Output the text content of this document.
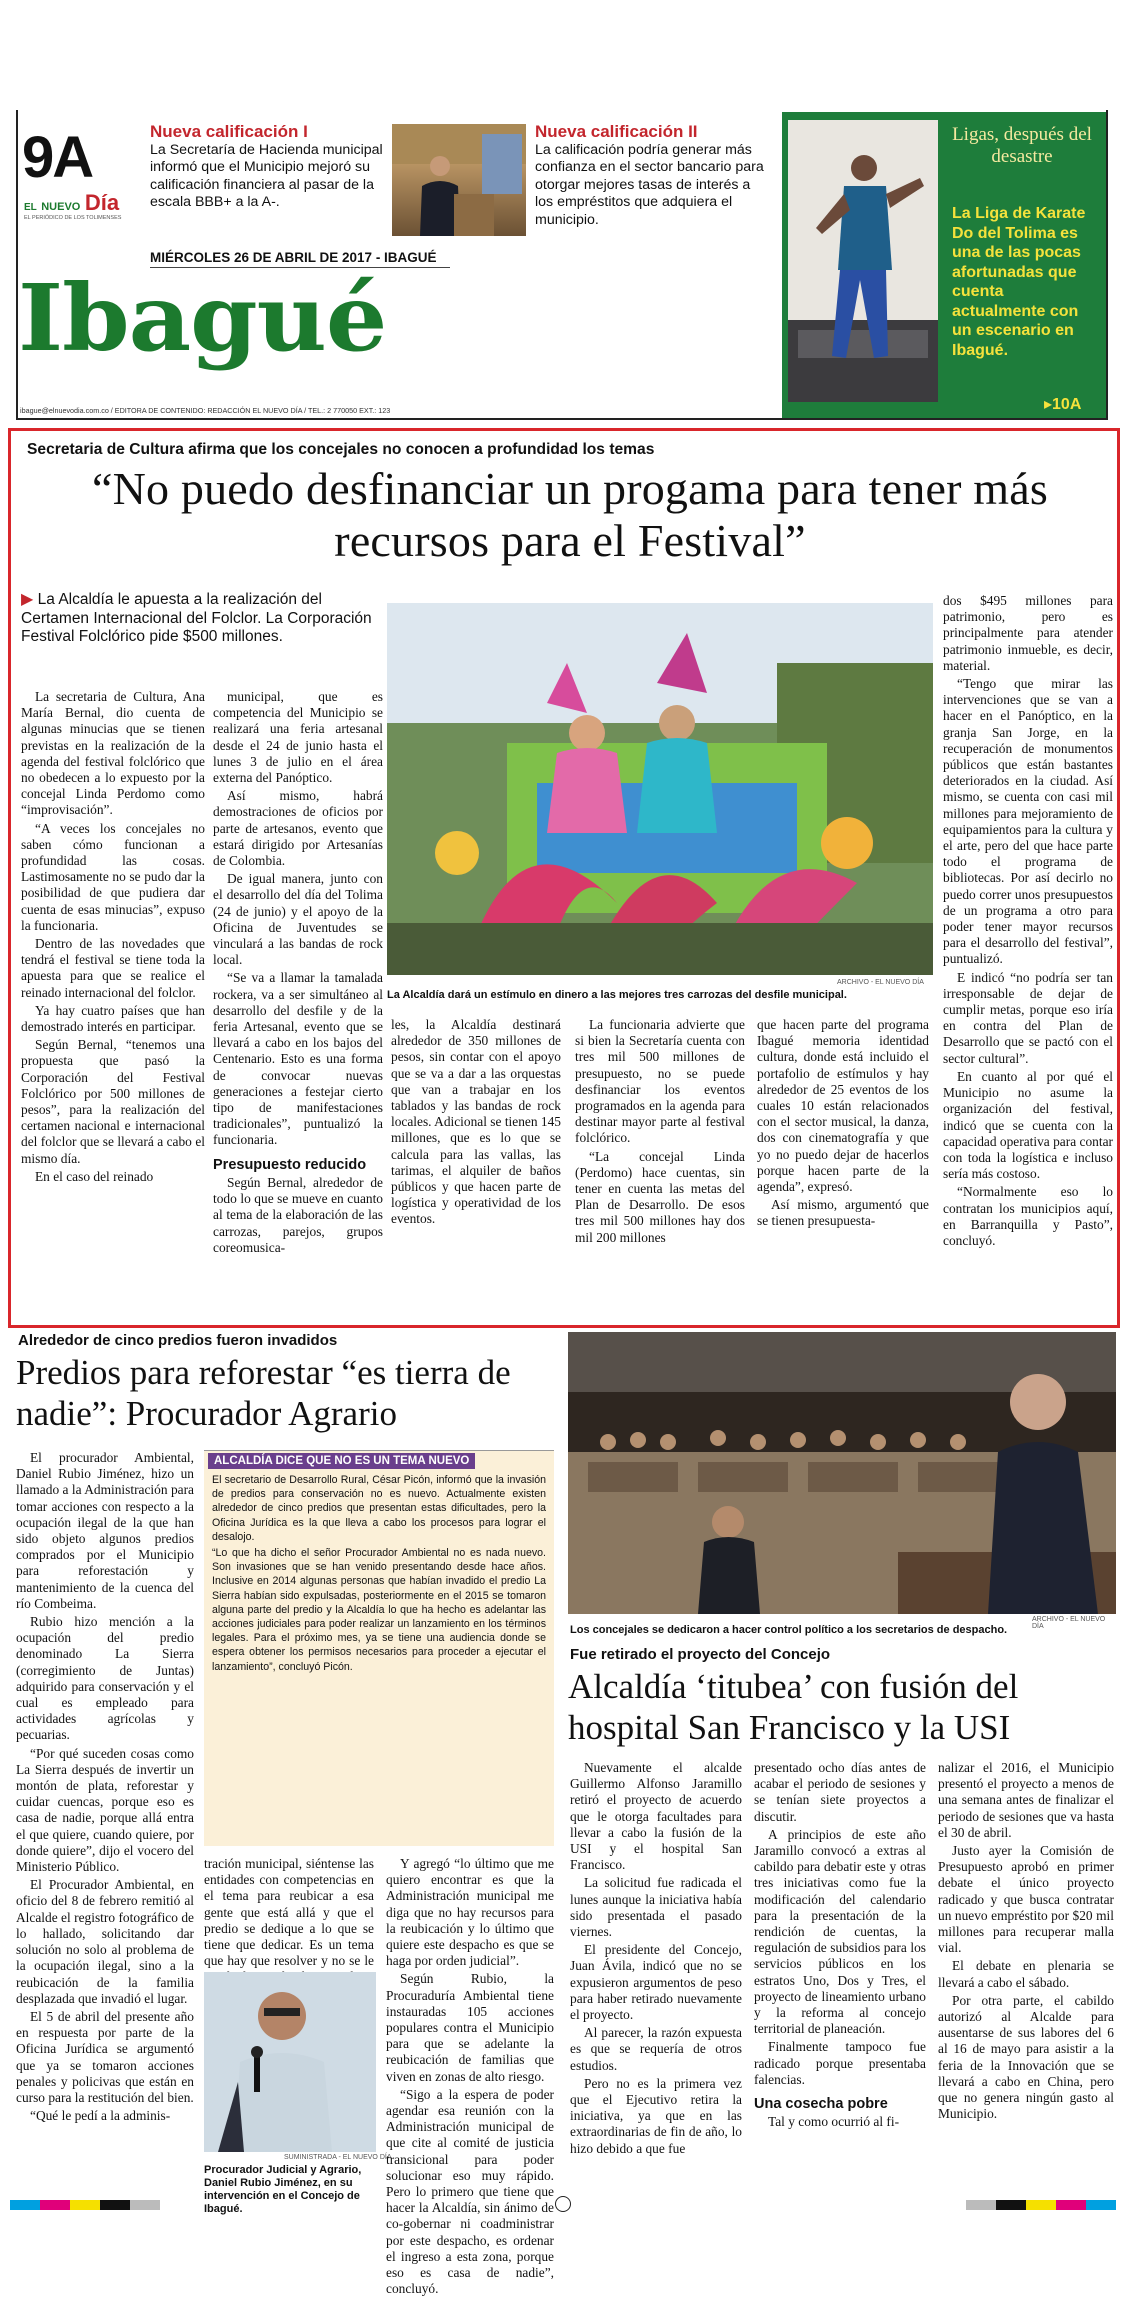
9A
EL NUEVO Día
EL PERIÓDICO DE LOS TOLIMENSES
Nueva calificación I
La Secretaría de Hacienda municipal informó que el Municipio mejoró su calificación financiera al pasar de la escala BBB+ a la A-.
Nueva calificación II
La calificación podría generar más confianza en el sector bancario para otorgar mejores tasas de interés a los empréstitos que adquiera el municipio.
MIÉRCOLES 26 DE ABRIL DE 2017 - IBAGUÉ
Ibagué
ibague@elnuevodia.com.co / EDITORA DE CONTENIDO: REDACCIÓN EL NUEVO DÍA / TEL.: 2 770050 EXT.: 123
Ligas, después del desastre
La Liga de Karate Do del Tolima es una de las pocas afortunadas que cuenta actualmente con un escenario en Ibagué.
▸10A
Secretaria de Cultura afirma que los concejales no conocen a profundidad los temas
“No puedo desfinanciar un progama para tener más recursos para el Festival”
▶ La Alcaldía le apuesta a la realización del Certamen Internacional del Folclor. La Corporación Festival Folclórico pide $500 millones.
ARCHIVO - EL NUEVO DÍA
La Alcaldía dará un estímulo en dinero a las mejores tres carrozas del desfile municipal.

La secretaria de Cultura, Ana María Bernal, dio cuenta de algunas minucias que se tienen previstas en la realización de la agenda del festival folclórico que no obedecen a lo expuesto por la concejal Linda Perdomo como “improvisación”.

“A veces los concejales no saben cómo funcionan a profundidad las cosas. Lastimosamente no se pudo dar la posibilidad de que pudiera dar cuenta de esas minucias”, expuso la funcionaria.

Dentro de las novedades que tendrá el festival se tiene toda la apuesta para que se realice el reinado internacional del folclor.

Ya hay cuatro países que han demostrado interés en participar.

Según Bernal, “tenemos una propuesta que pasó la Corporación del Festival Folclórico por 500 millones de pesos”, para la realización del certamen nacional e internacional del folclor que se llevará a cabo el mismo día.

En el caso del reinado

municipal, que es competencia del Municipio se realizará una feria artesanal desde el 24 de junio hasta el lunes 3 de julio en el área externa del Panóptico.

Así mismo, habrá demostraciones de oficios por parte de artesanos, evento que estará dirigido por Artesanías de Colombia.

De igual manera, junto con el desarrollo del día del Tolima (24 de junio) y el apoyo de la Oficina de Juventudes se vinculará a las bandas de rock local.

“Se va a llamar la tamalada rockera, va a ser simultáneo al desarrollo del desfile y de la feria Artesanal, evento que se llevará a cabo en los bajos del Centenario. Esto es una forma de convocar nuevas generaciones a festejar cierto tipo de manifestaciones tradicionales”, puntualizó la funcionaria.

Presupuesto reducido

Según Bernal, alrededor de todo lo que se mueve en cuanto al tema de la elaboración de las carrozas, parejos, grupos coreomusica-

les, la Alcaldía destinará alrededor de 350 millones de pesos, sin contar con el apoyo que se va a dar a las orquestas que van a trabajar en los tablados y las bandas de rock locales. Adicional se tienen 145 millones, que es lo que se calcula para las vallas, las tarimas, el alquiler de baños públicos y que hacen parte de logística y operatividad de los eventos.

La funcionaria advierte que si bien la Secretaría cuenta con tres mil 500 millones de presupuesto, no se puede desfinanciar los eventos programados en la agenda para destinar mayor parte al festival folclórico.

“La concejal Linda (Perdomo) hace cuentas, sin tener en cuenta las metas del Plan de Desarrollo. De esos tres mil 500 millones hay dos mil 200 millones

que hacen parte del programa Ibagué memoria identidad cultura, donde está incluido el portafolio de estímulos y hay alrededor de 25 eventos de los cuales 10 están relacionados con el sector musical, la danza, dos con cinematografía y que yo no puedo dejar de hacerlos porque hacen parte de la agenda”, expresó.

Así mismo, argumentó que se tienen presupuesta-

dos $495 millones para patrimonio, pero es principalmente para atender patrimonio inmueble, es decir, material.

“Tengo que mirar las intervenciones que se van a hacer en el Panóptico, en la granja San Jorge, en la recuperación de monumentos públicos que están bastantes deteriorados en la ciudad. Así mismo, se cuenta con casi mil millones para mejoramiento de equipamientos para la cultura y el arte, pero del que hace parte todo el programa de bibliotecas. Por así decirlo no puedo correr unos presupuestos de un programa a otro para poder tener mayor recursos para el desarrollo del festival”, puntualizó.

E indicó “no podría ser tan irresponsable de dejar de cumplir metas, porque eso iría en contra del Plan de Desarrollo que se pactó con el sector cultural”.

En cuanto al por qué el Municipio no asume la organización del festival, indicó que se cuenta con la capacidad operativa para contar con toda la logística e incluso sería más costoso.

“Normalmente eso lo contratan los municipios aquí, en Barranquilla y Pasto”, concluyó.

Alrededor de cinco predios fueron invadidos
Predios para reforestar “es tierra de nadie”: Procurador Agrario

El procurador Ambiental, Daniel Rubio Jiménez, hizo un llamado a la Administración para tomar acciones con respecto a la ocupación ilegal de la que han sido objeto algunos predios comprados por el Municipio para reforestación y mantenimiento de la cuenca del río Combeima.

Rubio hizo mención a la ocupación del predio denominado La Sierra (corregimiento de Juntas) adquirido para conservación y el cual es empleado para actividades agrícolas y pecuarias.

“Por qué suceden cosas como La Sierra después de invertir un montón de plata, reforestar y cuidar cuencas, porque eso es casa de nadie, porque allá entra el que quiere, cuando quiere, por donde quiere”, dijo el vocero del Ministerio Público.

El Procurador Ambiental, en oficio del 8 de febrero remitió al Alcalde el registro fotográfico de lo hallado, solicitando dar solución no solo al problema de la ocupación ilegal, sino a la reubicación de la familia desplazada que invadió el lugar.

El 5 de abril del presente año en respuesta por parte de la Oficina Jurídica se argumentó que ya se tomaron acciones penales y policivas que están en curso para la restitución del bien.

“Qué le pedí a la adminis-

ALCALDÍA DICE QUE NO ES UN TEMA NUEVO

El secretario de Desarrollo Rural, César Picón, informó que la invasión de predios para conservación no es nuevo. Actualmente existen alrededor de cinco predios que presentan estas dificultades, pero la Oficina Jurídica es la que lleva a cabo los procesos para lograr el desalojo.

“Lo que ha dicho el señor Procurador Ambiental no es nada nuevo. Son invasiones que se han venido presentando desde hace años. Inclusive en 2014 algunas personas que habían invadido el predio La Sierra habían sido expulsadas, posteriormente en el 2015 se tomaron alguna parte del predio y la Alcaldía lo que ha hecho es adelantar las acciones judiciales para poder realizar un lanzamiento en los términos legales. Para el próximo mes, ya se tiene una audiencia donde se espera obtener los permisos necesarios para proceder a ejecutar el lanzamiento”, concluyó Picón.

tración municipal, siéntense las entidades con competencias en el tema para reubicar a esa gente que está allá y que el predio se dedique a lo que se tiene que dedicar. Es un tema que hay que resolver y no se le

SUMINISTRADA - EL NUEVO DÍA
Procurador Judicial y Agrario, Daniel Rubio Jiménez, en su intervención en el Concejo de Ibagué.

Y agregó “lo último que me quiero encontrar es que la Administración municipal me diga que no hay recursos para la reubicación y lo último que quiere este despacho es que se haga por orden judicial”.

Según Rubio, la Procuraduría Ambiental tiene instauradas 105 acciones populares contra el Municipio para que se adelante la reubicación de familias que viven en zonas de alto riesgo.

“Sigo a la espera de poder agendar esa reunión con la Administración municipal de que cite al comité de justicia transicional para poder solucionar eso muy rápido. Pero lo primero que tiene que hacer la Alcaldía, sin ánimo de co-gobernar ni coadministrar por este despacho, es ordenar el ingreso a esta zona, porque eso es casa de nadie”, concluyó.

ARCHIVO - EL NUEVO DÍA
Los concejales se dedicaron a hacer control político a los secretarios de despacho.
Fue retirado el proyecto del Concejo
Alcaldía ‘titubea’ con fusión del hospital San Francisco y la USI

Nuevamente el alcalde Guillermo Alfonso Jaramillo retiró el proyecto de acuerdo que le otorga facultades para llevar a cabo la fusión de la USI y el hospital San Francisco.

La solicitud fue radicada el lunes aunque la iniciativa había sido presentada el pasado viernes.

El presidente del Concejo, Juan Ávila, indicó que no se expusieron argumentos de peso para haber retirado nuevamente el proyecto.

Al parecer, la razón expuesta es que se requería de otros estudios.

Pero no es la primera vez que el Ejecutivo retira la iniciativa, ya que en las extraordinarias de fin de año, lo hizo debido a que fue

presentado ocho días antes de acabar el periodo de sesiones y se tenían siete proyectos a discutir.

A principios de este año Jaramillo convocó a extras al cabildo para debatir este y otras tres iniciativas como fue la modificación del calendario para la presentación de la rendición de cuentas, la regulación de subsidios para los servicios públicos en los estratos Uno, Dos y Tres, el proyecto de lineamiento urbano y la reforma al concejo territorial de planeación.

Finalmente tampoco fue radicado porque presentaba falencias.

Una cosecha pobre

Tal y como ocurrió al fi-

nalizar el 2016, el Municipio presentó el proyecto a menos de una semana antes de finalizar el periodo de sesiones que va hasta el 30 de abril.

Justo ayer la Comisión de Presupuesto aprobó en primer debate el único proyecto radicado y que busca contratar un nuevo empréstito por $20 mil millones para recuperar malla vial.

El debate en plenaria se llevará a cabo el sábado.

Por otra parte, el cabildo autorizó al Alcalde para ausentarse de sus labores del 6 al 16 de mayo para asistir a la feria de la Innovación que se llevará a cabo en China, pero que no genera ningún gasto al Municipio.
